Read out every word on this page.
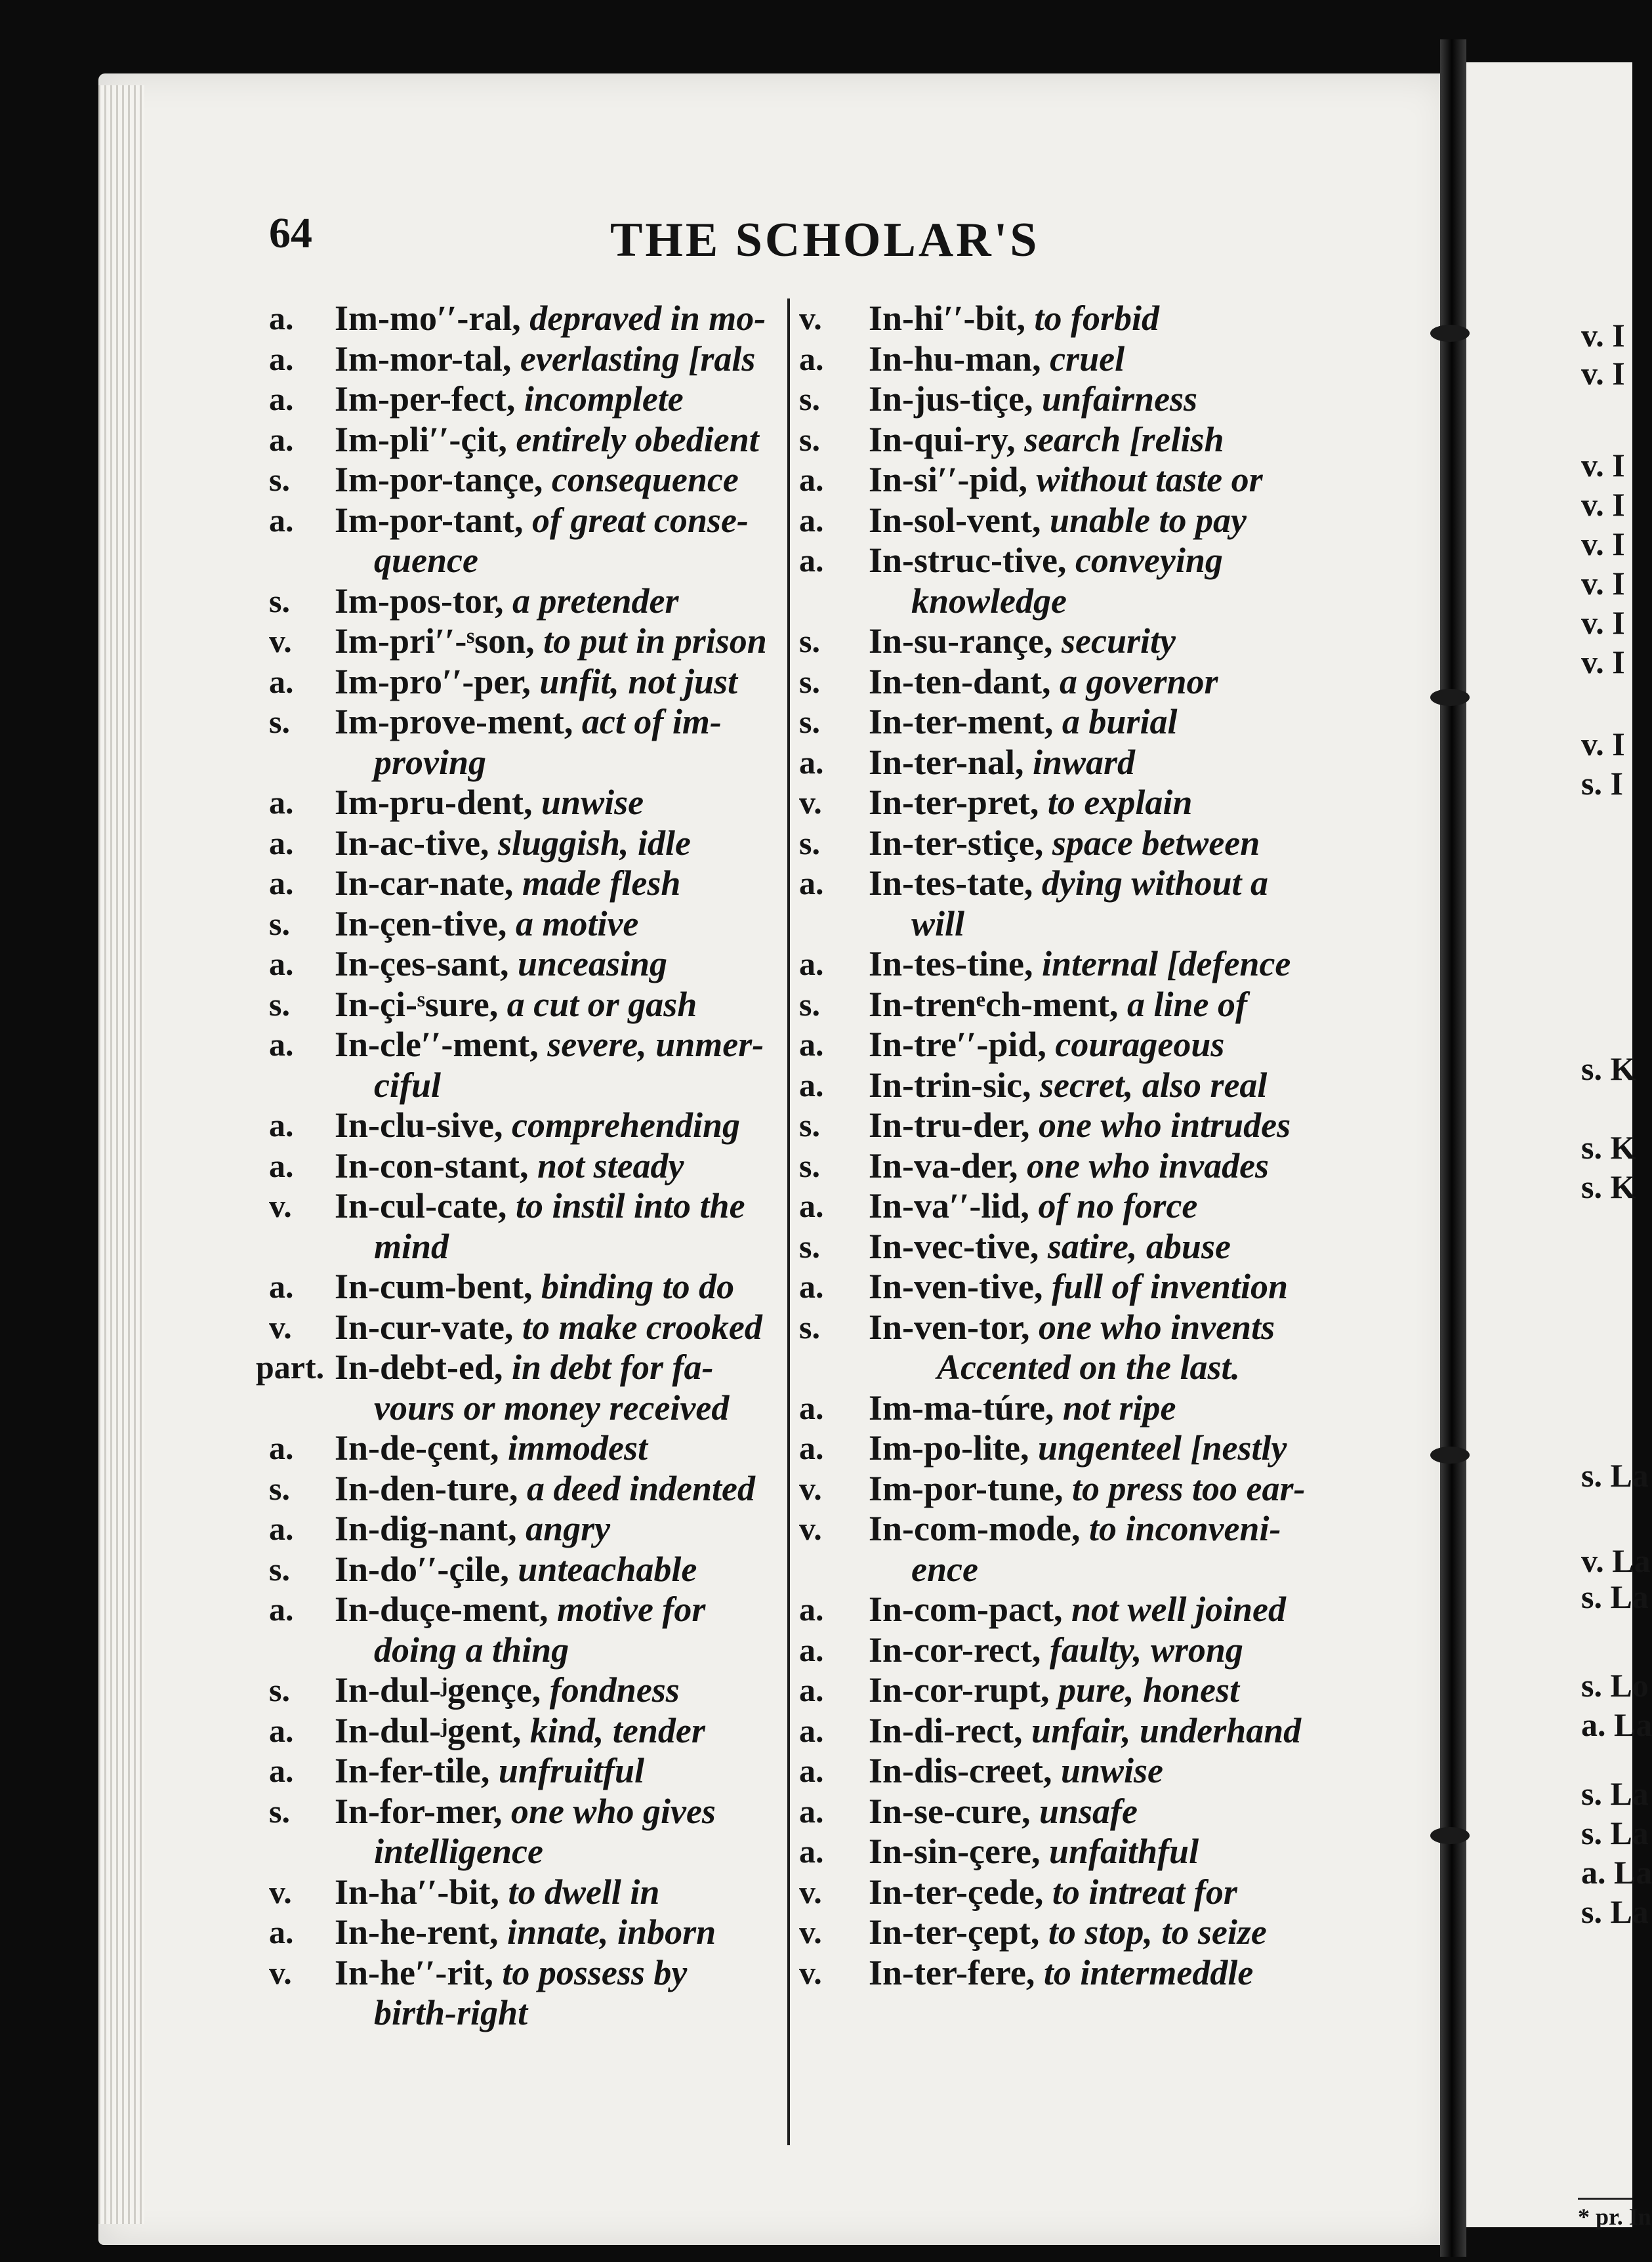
64	THE SCHOLAR'S
a. Im-mo′′-ral, depraved in mo-
a. Im-mor-tal, everlasting [rals
a. Im-per-fect, incomplete
a. Im-pli′′-çit, entirely obedient
s. Im-por-tançe, consequence
a. Im-por-tant, of great conse-
quence
s. Im-pos-tor, a pretender
v. Im-pri′′-ˢson, to put in prison
a. Im-pro′′-per, unfit, not just
s. Im-prove-ment, act of im-
proving
a. Im-pru-dent, unwise
a. In-ac-tive, sluggish, idle
a. In-car-nate, made flesh
s. In-çen-tive, a motive
a. In-çes-sant, unceasing
s. In-çi-ˢsure, a cut or gash
a. In-cle′′-ment, severe, unmer-
ciful
a. In-clu-sive, comprehending
a. In-con-stant, not steady
v. In-cul-cate, to instil into the
mind
a. In-cum-bent, binding to do
v. In-cur-vate, to make crooked
part. In-debt-ed, in debt for fa-
vours or money received
a. In-de-çent, immodest
s. In-den-ture, a deed indented
a. In-dig-nant, angry
s. In-do′′-çile, unteachable
a. In-duçe-ment, motive for
doing a thing
s. In-dul-ʲgençe, fondness
a. In-dul-ʲgent, kind, tender
a. In-fer-tile, unfruitful
s. In-for-mer, one who gives
intelligence
v. In-ha′′-bit, to dwell in
a. In-he-rent, innate, inborn
v. In-he′′-rit, to possess by
birth-right
v. In-hi′′-bit, to forbid
a. In-hu-man, cruel
s. In-jus-tiçe, unfairness
s. In-qui-ry, search [relish
a. In-si′′-pid, without taste or
a. In-sol-vent, unable to pay
a. In-struc-tive, conveying
knowledge
s. In-su-rançe, security
s. In-ten-dant, a governor
s. In-ter-ment, a burial
a. In-ter-nal, inward
v. In-ter-pret, to explain
s. In-ter-stiçe, space between
a. In-tes-tate, dying without a
will
a. In-tes-tine, internal [defence
s. In-trenᵉch-ment, a line of
a. In-tre′′-pid, courageous
a. In-trin-sic, secret, also real
s. In-tru-der, one who intrudes
s. In-va-der, one who invades
a. In-va′′-lid, of no force
s. In-vec-tive, satire, abuse
a. In-ven-tive, full of invention
s. In-ven-tor, one who invents
Accented on the last.
a. Im-ma-túre, not ripe
a. Im-po-lite, ungenteel [nestly
v. Im-por-tune, to press too ear-
v. In-com-mode, to inconveni-
ence
a. In-com-pact, not well joined
a. In-cor-rect, faulty, wrong
a. In-cor-rupt, pure, honest
a. In-di-rect, unfair, underhand
a. In-dis-creet, unwise
a. In-se-cure, unsafe
a. In-sin-çere, unfaithful
v. In-ter-çede, to intreat for
v. In-ter-çept, to stop, to seize
v. In-ter-fere, to intermeddle
v. I
v. I
v. I
v. I
v. I
v. I
v. I
v. I
v. I
s. I
s. K
s. K
s. K
s. La
v. La
s. La
s. Lo
a. La
s. La
s. La
a. La
s. La
* pr. In
